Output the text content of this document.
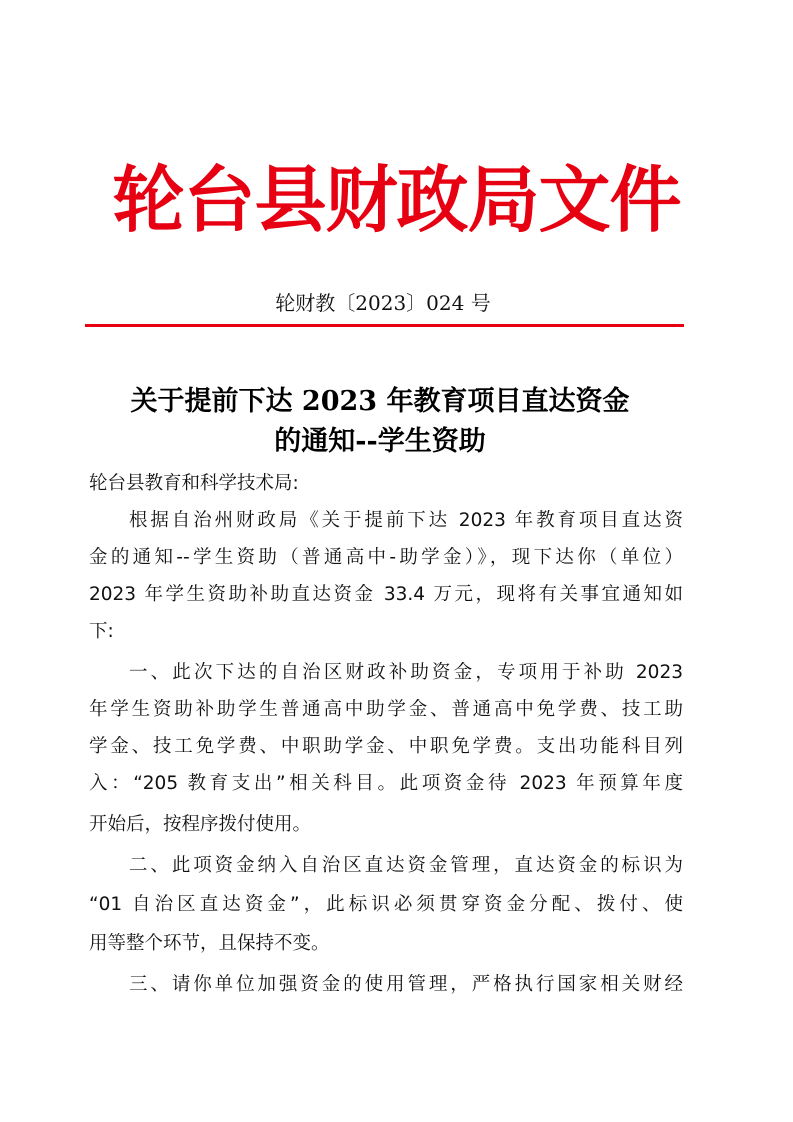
轮台县财政局文件
轮财教〔2023〕024 号
关于提前下达 2023 年教育项目直达资金
的通知--学生资助
轮台县教育和科学技术局:
根据自治州财政局《关于提前下达 2023 年教育项目直达资
金的通知--学生资助（普通高中-助学金）》，现下达你（单位）
2023 年学生资助补助直达资金 33.4 万元，现将有关事宜通知如
下:
一、此次下达的自治区财政补助资金，专项用于补助 2023
年学生资助补助学生普通高中助学金、普通高中免学费、技工助
学金、技工免学费、中职助学金、中职免学费。支出功能科目列
入：“205 教育支出”相关科目。此项资金待 2023 年预算年度
开始后，按程序拨付使用。
二、此项资金纳入自治区直达资金管理，直达资金的标识为
“01 自治区直达资金”，此标识必须贯穿资金分配、拨付、使
用等整个环节，且保持不变。
三、请你单位加强资金的使用管理，严格执行国家相关财经
